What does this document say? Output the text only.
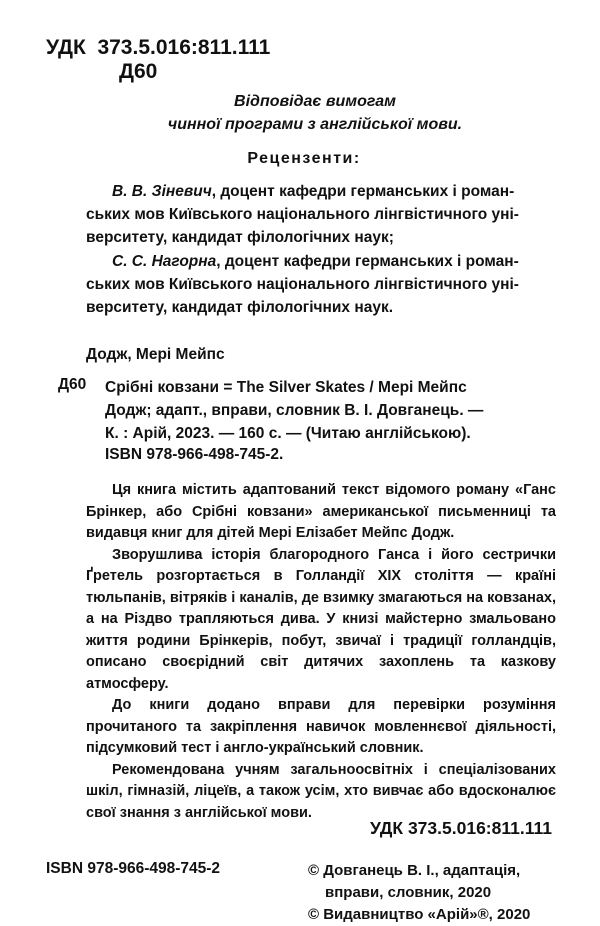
УДК 373.5.016:811.111
Д60
Відповідає вимогам
чинної програми з англійської мови.
Рецензенти:
В. В. Зіневич, доцент кафедри германських і роман-
ських мов Київського національного лінгвістичного уні-
верситету, кандидат філологічних наук;
С. С. Нагорна, доцент кафедри германських і роман-
ських мов Київського національного лінгвістичного уні-
верситету, кандидат філологічних наук.
Додж, Мері Мейпс
Д60 Срібні ковзани = The Silver Skates / Мері Мейпс
Додж; адапт., вправи, словник В. І. Довганець. —
К. : Арій, 2023. — 160 с. — (Читаю англійською).
ISBN 978-966-498-745-2.

Ця книга містить адаптований текст відомого роману «Ганс Брінкер, або Срібні ковзани» американської письменниці та видавця книг для дітей Мері Елізабет Мейпс Додж.

Зворушлива історія благородного Ганса і його сестрички Ґретель розгортається в Голландії XIX століття — країні тюльпанів, вітряків і каналів, де взимку змагаються на ковзанах, а на Різдво трапляються дива. У книзі майстерно змальовано життя родини Брінкерів, побут, звичаї і традиції голландців, описано своєрідний світ дитячих захоплень та казкову атмосферу.

До книги додано вправи для перевірки розуміння прочитаного та закріплення навичок мовленнєвої діяльності, підсумковий тест і англо-український словник.

Рекомендована учням загальноосвітніх і спеціалізованих шкіл, гімназій, ліцеїв, а також усім, хто вивчає або вдосконалює свої знання з англійської мови.

УДК 373.5.016:811.111
ISBN 978-966-498-745-2	© Довганець В. І., адаптація,
вправи, словник, 2020
© Видавництво «Арій»®, 2020
